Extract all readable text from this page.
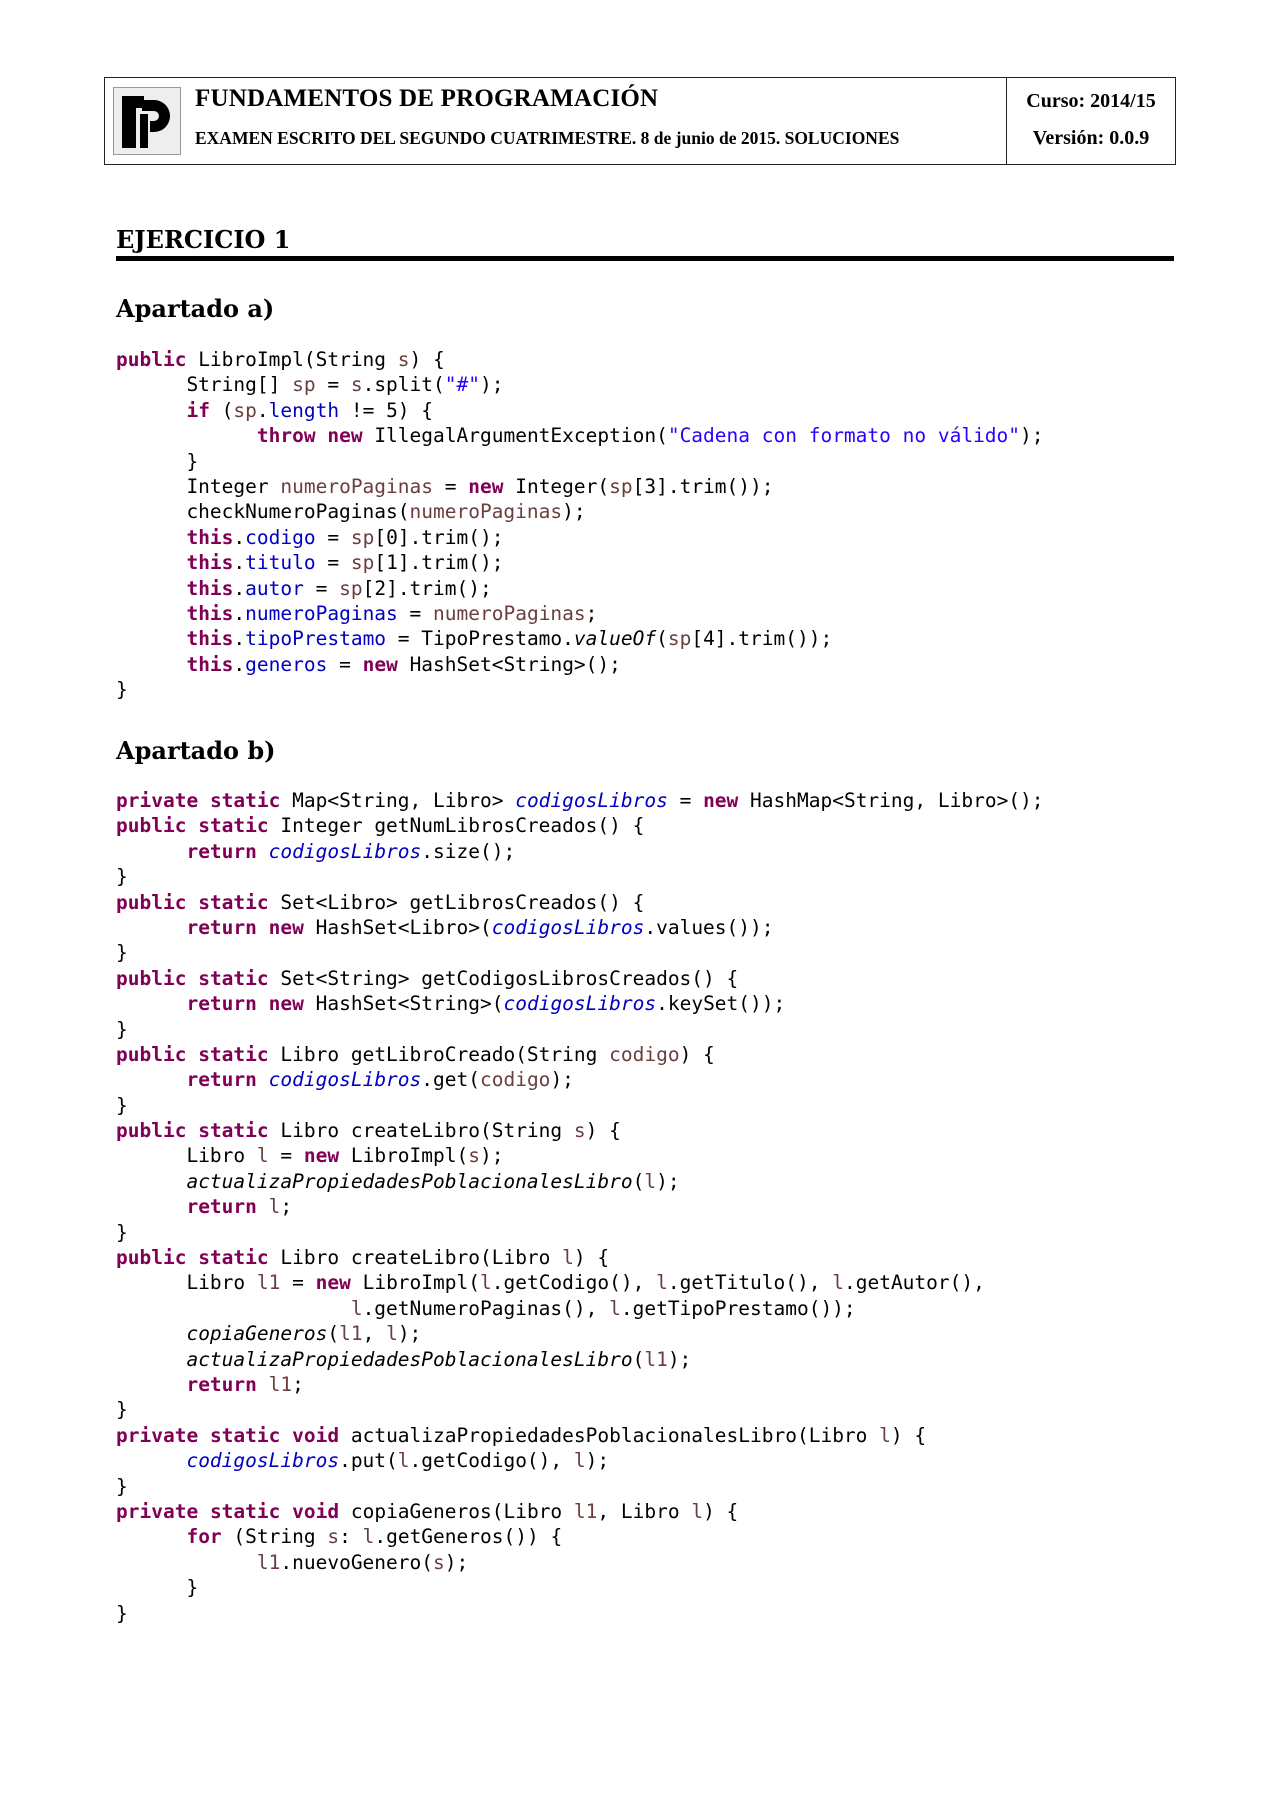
FUNDAMENTOS DE PROGRAMACIÓN
EXAMEN ESCRITO DEL SEGUNDO CUATRIMESTRE. 8 de junio de 2015. SOLUCIONES
Curso: 2014/15
Versión: 0.0.9
EJERCICIO 1
Apartado a)
public LibroImpl(String s) {
String[] sp = s.split("#");
if (sp.length != 5) {
throw new IllegalArgumentException("Cadena con formato no válido");
}
Integer numeroPaginas = new Integer(sp[3].trim());
checkNumeroPaginas(numeroPaginas);
this.codigo = sp[0].trim();
this.titulo = sp[1].trim();
this.autor = sp[2].trim();
this.numeroPaginas = numeroPaginas;
this.tipoPrestamo = TipoPrestamo.valueOf(sp[4].trim());
this.generos = new HashSet<String>();
}
Apartado b)
private static Map<String, Libro> codigosLibros = new HashMap<String, Libro>();
public static Integer getNumLibrosCreados() {
return codigosLibros.size();
}
public static Set<Libro> getLibrosCreados() {
return new HashSet<Libro>(codigosLibros.values());
}
public static Set<String> getCodigosLibrosCreados() {
return new HashSet<String>(codigosLibros.keySet());
}
public static Libro getLibroCreado(String codigo) {
return codigosLibros.get(codigo);
}
public static Libro createLibro(String s) {
Libro l = new LibroImpl(s);
actualizaPropiedadesPoblacionalesLibro(l);
return l;
}
public static Libro createLibro(Libro l) {
Libro l1 = new LibroImpl(l.getCodigo(), l.getTitulo(), l.getAutor(),
l.getNumeroPaginas(), l.getTipoPrestamo());
copiaGeneros(l1, l);
actualizaPropiedadesPoblacionalesLibro(l1);
return l1;
}
private static void actualizaPropiedadesPoblacionalesLibro(Libro l) {
codigosLibros.put(l.getCodigo(), l);
}
private static void copiaGeneros(Libro l1, Libro l) {
for (String s: l.getGeneros()) {
l1.nuevoGenero(s);
}
}
